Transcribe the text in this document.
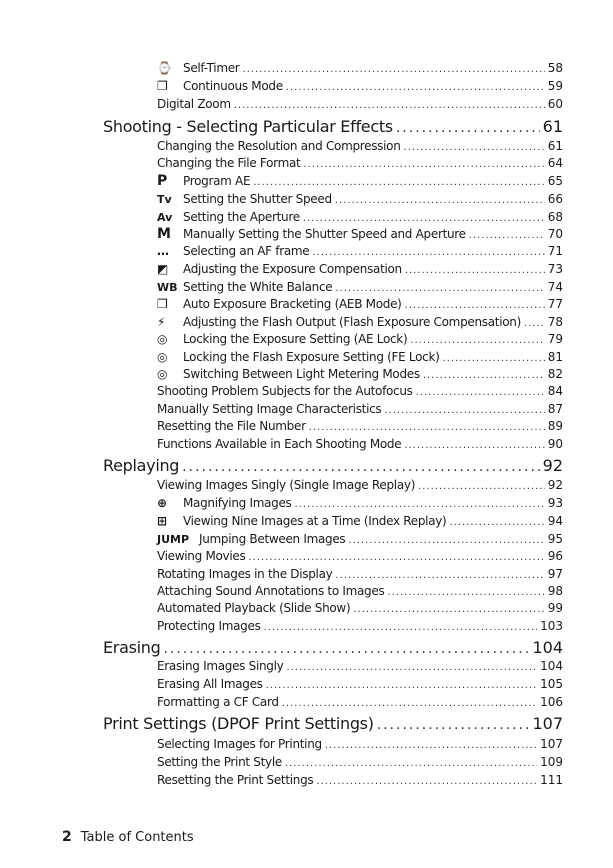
⌚ Self-Timer .....	58
❐ Continuous Mode .....	59
Digital Zoom .....	60
Shooting - Selecting Particular Effects .....	61
Changing the Resolution and Compression .....	61
Changing the File Format .....	64
P Program AE .....	65
Tv Setting the Shutter Speed .....	66
Av Setting the Aperture .....	68
M Manually Setting the Shutter Speed and Aperture .....	70
… Selecting an AF frame .....	71
◩ Adjusting the Exposure Compensation .....	73
WB Setting the White Balance .....	74
❐ Auto Exposure Bracketing (AEB Mode) .....	77
⚡ Adjusting the Flash Output (Flash Exposure Compensation) ..... 78
◎ Locking the Exposure Setting (AE Lock) .....	79
◎ Locking the Flash Exposure Setting (FE Lock) .....	81
◎ Switching Between Light Metering Modes .....	82
Shooting Problem Subjects for the Autofocus .....	84
Manually Setting Image Characteristics .....	87
Resetting the File Number .....	89
Functions Available in Each Shooting Mode .....	90
Replaying .....	92
Viewing Images Singly (Single Image Replay) .....	92
⊕ Magnifying Images .....	93
⊞ Viewing Nine Images at a Time (Index Replay) .....	94
JUMP Jumping Between Images .....	95
Viewing Movies .....	96
Rotating Images in the Display .....	97
Attaching Sound Annotations to Images .....	98
Automated Playback (Slide Show) .....	99
Protecting Images .....	103
Erasing .....	104
Erasing Images Singly .....	104
Erasing All Images .....	105
Formatting a CF Card .....	106
Print Settings (DPOF Print Settings) .....	107
Selecting Images for Printing .....	107
Setting the Print Style .....	109
Resetting the Print Settings .....	111
2 Table of Contents
